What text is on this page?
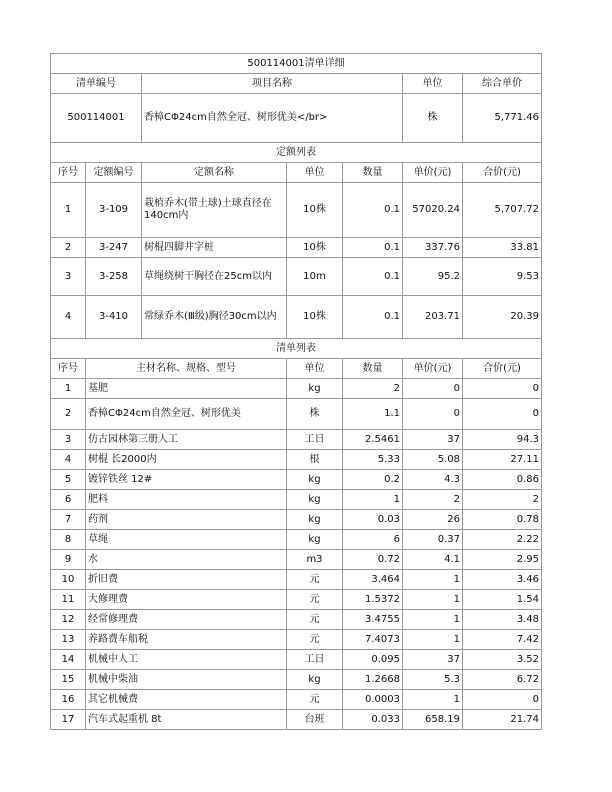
500114001清单详细						
清单编号		项目名称			单位	综合单价
500114001		香樟CΦ24cm自然全冠、树形优美</br>			株	5,771.46
定额列表						
序号	定额编号	定额名称	单位	数量	单价(元)	合价(元)
1	3-109	栽植乔木(带土球)土球直径在140cm内	10株	0.1	57020.24	5,707.72
2	3-247	树棍四脚井字桩	10株	0.1	337.76	33.81
3	3-258	草绳绕树干胸径在25cm以内	10m	0.1	95.2	9.53
4	3-410	常绿乔木(Ⅲ级)胸径30cm以内	10株	0.1	203.71	20.39
清单列表						
序号	主材名称、规格、型号		单位	数量	单价(元)	合价(元)
1	基肥		kg	2	0	0
2	香樟CΦ24cm自然全冠、树形优美		株	1.1	0	0
3	仿古园林第三册人工		工日	2.5461	37	94.3
4	树棍 长2000内		根	5.33	5.08	27.11
5	镀锌铁丝 12#		kg	0.2	4.3	0.86
6	肥料		kg	1	2	2
7	药剂		kg	0.03	26	0.78
8	草绳		kg	6	0.37	2.22
9	水		m3	0.72	4.1	2.95
10	折旧费		元	3.464	1	3.46
11	大修理费		元	1.5372	1	1.54
12	经常修理费		元	3.4755	1	3.48
13	养路费车船税		元	7.4073	1	7.42
14	机械中人工		工日	0.095	37	3.52
15	机械中柴油		kg	1.2668	5.3	6.72
16	其它机械费		元	0.0003	1	0
17	汽车式起重机 8t		台班	0.033	658.19	21.74
